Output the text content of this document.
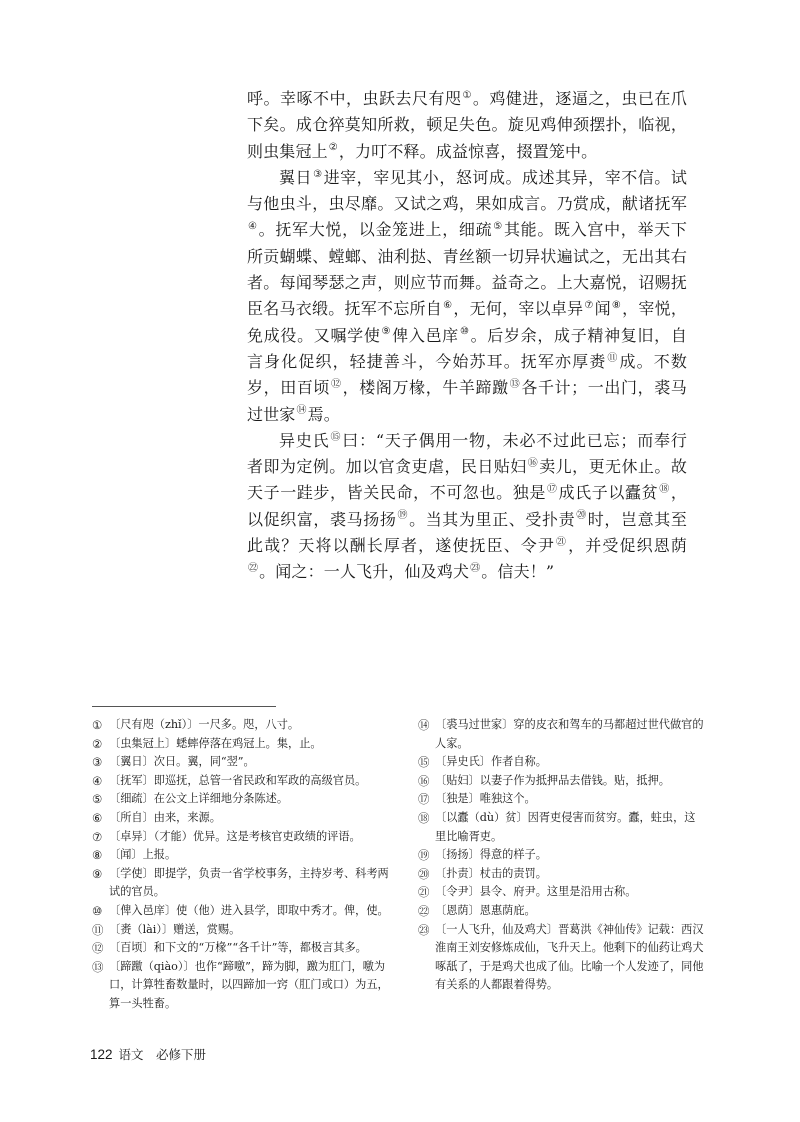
呼。幸啄不中，虫跃去尺有咫①。鸡健进，逐逼之，虫已在爪下矣。成仓猝莫知所救，顿足失色。旋见鸡伸颈摆扑，临视，则虫集冠上②，力叮不释。成益惊喜，掇置笼中。

翼日③进宰，宰见其小，怒诃成。成述其异，宰不信。试与他虫斗，虫尽靡。又试之鸡，果如成言。乃赏成，献诸抚军④。抚军大悦，以金笼进上，细疏⑤其能。既入宫中，举天下所贡蝴蝶、螳螂、油利挞、青丝额一切异状遍试之，无出其右者。每闻琴瑟之声，则应节而舞。益奇之。上大嘉悦，诏赐抚臣名马衣缎。抚军不忘所自⑥，无何，宰以卓异⑦闻⑧，宰悦，免成役。又嘱学使⑨俾入邑庠⑩。后岁余，成子精神复旧，自言身化促织，轻捷善斗，今始苏耳。抚军亦厚赉⑪成。不数岁，田百顷⑫，楼阁万椽，牛羊蹄躈⑬各千计；一出门，裘马过世家⑭焉。

异史氏⑮曰：“天子偶用一物，未必不过此已忘；而奉行者即为定例。加以官贪吏虐，民日贴妇⑯卖儿，更无休止。故天子一跬步，皆关民命，不可忽也。独是⑰成氏子以蠹贫⑱，以促织富，裘马扬扬⑲。当其为里正、受扑责⑳时，岂意其至此哉？天将以酬长厚者，遂使抚臣、令尹$^㉑$，并受促织恩荫$^㉒$。闻之：一人飞升，仙及鸡犬$^㉓$。信夫！”

① 〔尺有咫（zhǐ）〕一尺多。咫，八寸。
② 〔虫集冠上〕蟋蟀停落在鸡冠上。集，止。
③ 〔翼日〕次日。翼，同“翌”。
④ 〔抚军〕即巡抚，总管一省民政和军政的高级官员。
⑤ 〔细疏〕在公文上详细地分条陈述。
⑥ 〔所自〕由来，来源。
⑦ 〔卓异〕（才能）优异。这是考核官吏政绩的评语。
⑧ 〔闻〕上报。
⑨ 〔学使〕即提学，负责一省学校事务，主持岁考、科考两试的官员。
⑩ 〔俾入邑庠〕使（他）进入县学，即取中秀才。俾，使。
⑪ 〔赉（lài）〕赠送，赏赐。
⑫ 〔百顷〕和下文的“万椽”“各千计”等，都极言其多。
⑬ 〔蹄躈（qiào）〕也作“蹄噭”，蹄为脚，躈为肛门，噭为口，计算牲畜数量时，以四蹄加一窍（肛门或口）为五，算一头牲畜。
⑭ 〔裘马过世家〕穿的皮衣和驾车的马都超过世代做官的人家。
⑮ 〔异史氏〕作者自称。
⑯ 〔贴妇〕以妻子作为抵押品去借钱。贴，抵押。
⑰ 〔独是〕唯独这个。
⑱ 〔以蠹（dù）贫〕因胥吏侵害而贫穷。蠹，蛀虫，这里比喻胥吏。
⑲ 〔扬扬〕得意的样子。
⑳ 〔扑责〕杖击的责罚。
㉑ 〔令尹〕县令、府尹。这里是沿用古称。
㉒ 〔恩荫〕恩惠荫庇。
㉓ 〔一人飞升，仙及鸡犬〕晋葛洪《神仙传》记载：西汉淮南王刘安修炼成仙，飞升天上。他剩下的仙药让鸡犬啄舐了，于是鸡犬也成了仙。比喻一个人发迹了，同他有关系的人都跟着得势。
122 语文　必修下册
